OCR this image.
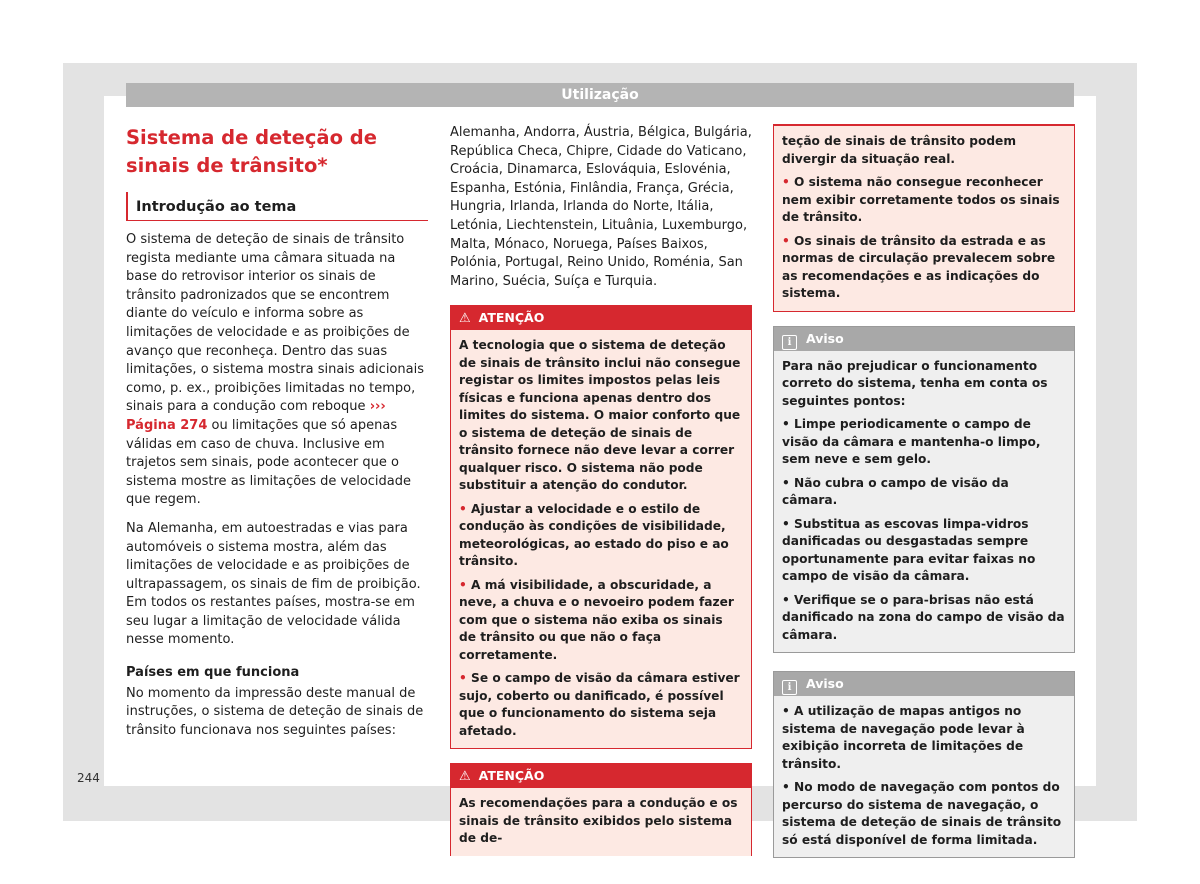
Utilização
Sistema de deteção de sinais de trânsito*
Introdução ao tema

O sistema de deteção de sinais de trânsito regista mediante uma câmara situada na base do retrovisor interior os sinais de trânsito padronizados que se encontrem diante do veículo e informa sobre as limitações de velocidade e as proibições de avanço que reconheça. Dentro das suas limitações, o sistema mostra sinais adicionais como, p. ex., proibições limitadas no tempo, sinais para a condução com reboque ››› Página 274 ou limitações que só apenas válidas em caso de chuva. Inclusive em trajetos sem sinais, pode acontecer que o sistema mostre as limitações de velocidade que regem.

Na Alemanha, em autoestradas e vias para automóveis o sistema mostra, além das limitações de velocidade e as proibições de ultrapassagem, os sinais de fim de proibição. Em todos os restantes países, mostra-se em seu lugar a limitação de velocidade válida nesse momento.

Países em que funciona

No momento da impressão deste manual de instruções, o sistema de deteção de sinais de trânsito funcionava nos seguintes países:

Alemanha, Andorra, Áustria, Bélgica, Bulgária, República Checa, Chipre, Cidade do Vaticano, Croácia, Dinamarca, Eslováquia, Eslovénia, Espanha, Estónia, Finlândia, França, Grécia, Hungria, Irlanda, Irlanda do Norte, Itália, Letónia, Liechtenstein, Lituânia, Luxemburgo, Malta, Mónaco, Noruega, Países Baixos, Polónia, Portugal, Reino Unido, Roménia, San Marino, Suécia, Suíça e Turquia.

⚠ ATENÇÃO
A tecnologia que o sistema de deteção de sinais de trânsito inclui não consegue registar os limites impostos pelas leis físicas e funciona apenas dentro dos limites do sistema. O maior conforto que o sistema de deteção de sinais de trânsito fornece não deve levar a correr qualquer risco. O sistema não pode substituir a atenção do condutor.
• Ajustar a velocidade e o estilo de condução às condições de visibilidade, meteorológicas, ao estado do piso e ao trânsito.
• A má visibilidade, a obscuridade, a neve, a chuva e o nevoeiro podem fazer com que o sistema não exiba os sinais de trânsito ou que não o faça corretamente.
• Se o campo de visão da câmara estiver sujo, coberto ou danificado, é possível que o funcionamento do sistema seja afetado.
⚠ ATENÇÃO
As recomendações para a condução e os sinais de trânsito exibidos pelo sistema de de-
teção de sinais de trânsito podem divergir da situação real.
• O sistema não consegue reconhecer nem exibir corretamente todos os sinais de trânsito.
• Os sinais de trânsito da estrada e as normas de circulação prevalecem sobre as recomendações e as indicações do sistema.
i Aviso
Para não prejudicar o funcionamento correto do sistema, tenha em conta os seguintes pontos:
• Limpe periodicamente o campo de visão da câmara e mantenha-o limpo, sem neve e sem gelo.
• Não cubra o campo de visão da câmara.
• Substitua as escovas limpa-vidros danificadas ou desgastadas sempre oportunamente para evitar faixas no campo de visão da câmara.
• Verifique se o para-brisas não está danificado na zona do campo de visão da câmara.
i Aviso
• A utilização de mapas antigos no sistema de navegação pode levar à exibição incorreta de limitações de trânsito.
• No modo de navegação com pontos do percurso do sistema de navegação, o sistema de deteção de sinais de trânsito só está disponível de forma limitada.
244
